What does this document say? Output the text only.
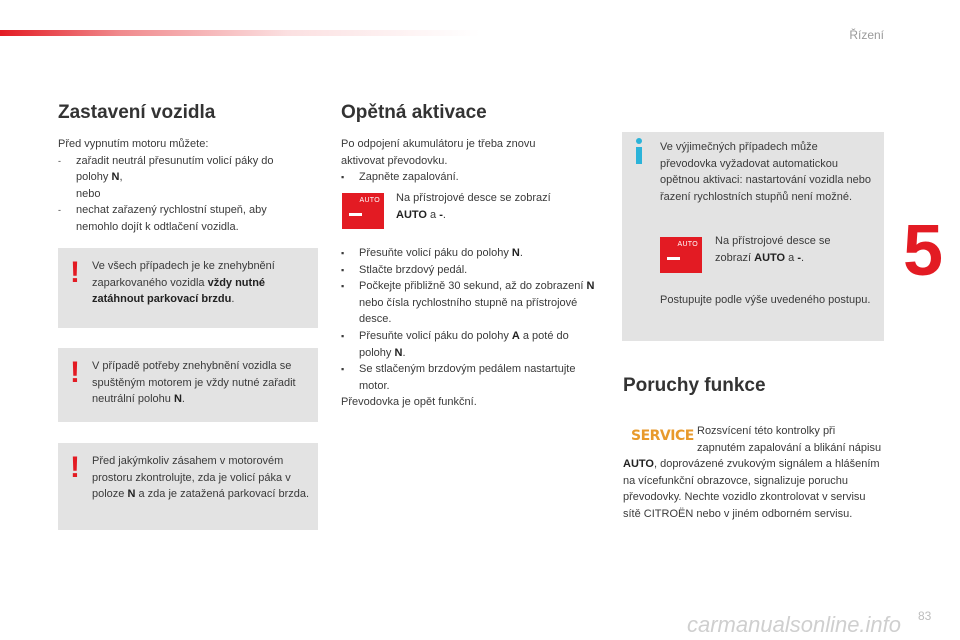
Řízení
5
Zastavení vozidla

Před vypnutím motoru můžete:

- zařadit neutrál přesunutím volicí páky do polohy N,

nebo

- nechat zařazený rychlostní stupeň, aby nemohlo dojít k odtlačení vozidla.

! Ve všech případech je ke znehybnění zaparkovaného vozidla vždy nutné zatáhnout parkovací brzdu.
! V případě potřeby znehybnění vozidla se spuštěným motorem je vždy nutné zařadit neutrální polohu N.
! Před jakýmkoliv zásahem v motorovém prostoru zkontrolujte, zda je volicí páka v poloze N a zda je zatažená parkovací brzda.
Opětná aktivace

Po odpojení akumulátoru je třeba znovu aktivovat převodovku.

▪ Zapněte zapalování.

AUTO Na přístrojové desce se zobrazí AUTO a -.

▪ Přesuňte volicí páku do polohy N.

▪ Stlačte brzdový pedál.

▪ Počkejte přibližně 30 sekund, až do zobrazení N nebo čísla rychlostního stupně na přístrojové desce.

▪ Přesuňte volicí páku do polohy A a poté do polohy N.

▪ Se stlačeným brzdovým pedálem nastartujte motor.

Převodovka je opět funkční.

Ve výjimečných případech může převodovka vyžadovat automatickou opětnou aktivaci: nastartování vozidla nebo řazení rychlostních stupňů není možné.
AUTO Na přístrojové desce se zobrazí AUTO a -.
Postupujte podle výše uvedeného postupu.
Poruchy funkce
SERVICE Rozsvícení této kontrolky při zapnutém zapalování a blikání nápisu AUTO, doprovázené zvukovým signálem a hlášením na vícefunkční obrazovce, signalizuje poruchu převodovky. Nechte vozidlo zkontrolovat v servisu sítě CITROËN nebo v jiném odborném servisu.
83
carmanualsonline.info
